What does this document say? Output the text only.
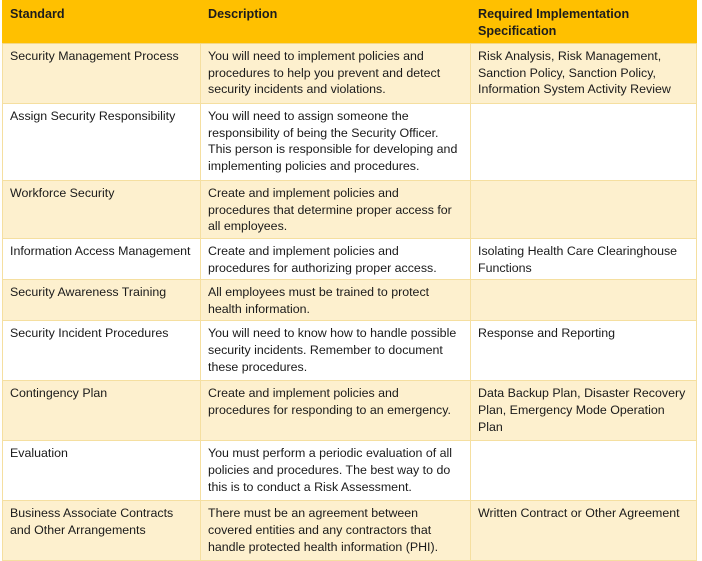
Standard	Description	Required Implementation Specification
Security Management Process	You will need to implement policies and procedures to help you prevent and detect security incidents and violations.	Risk Analysis, Risk Management, Sanction Policy, Sanction Policy, Information System Activity Review
Assign Security Responsibility	You will need to assign someone the responsibility of being the Security Officer. This person is responsible for developing and implementing policies and procedures.	
Workforce Security	Create and implement policies and procedures that determine proper access for all employees.	
Information Access Management	Create and implement policies and procedures for authorizing proper access.	Isolating Health Care Clearinghouse Functions
Security Awareness Training	All employees must be trained to protect health information.	
Security Incident Procedures	You will need to know how to handle possible security incidents. Remember to document these procedures.	Response and Reporting
Contingency Plan	Create and implement policies and procedures for responding to an emergency.	Data Backup Plan, Disaster Recovery Plan, Emergency Mode Operation Plan
Evaluation	You must perform a periodic evaluation of all policies and procedures. The best way to do this is to conduct a Risk Assessment.	
Business Associate Contracts and Other Arrangements	There must be an agreement between covered entities and any contractors that handle protected health information (PHI).	Written Contract or Other Agreement
